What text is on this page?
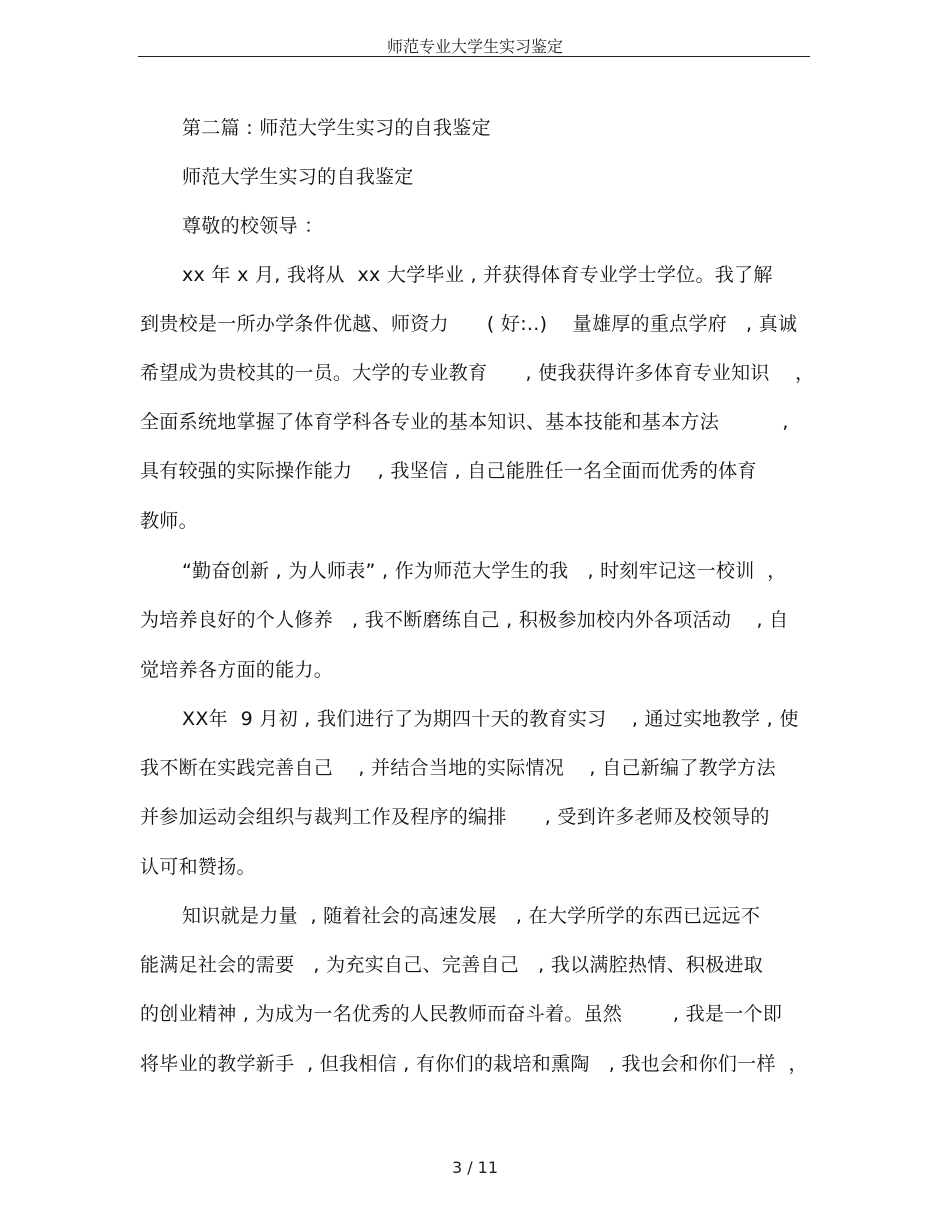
师范专业大学生实习鉴定
第二篇 : 师范大学生实习的自我鉴定
师范大学生实习的自我鉴定
尊敬的校领导 ：
xx 年 x 月, 我将从  xx 大学毕业 , 并获得体育专业学士学位。我了解
到贵校是一所办学条件优越、师资力      ( 好:..)    量雄厚的重点学府   , 真诚
希望成为贵校其的一员。大学的专业教育      , 使我获得许多体育专业知识    ，
全面系统地掌握了体育学科各专业的基本知识、基本技能和基本方法          ,
具有较强的实际操作能力    , 我坚信 , 自己能胜任一名全面而优秀的体育
教师。
“勤奋创新 , 为人师表” , 作为师范大学生的我   , 时刻牢记这一校训  ，
为培养良好的个人修养   , 我不断磨练自己 , 积极参加校内外各项活动    , 自
觉培养各方面的能力。
XX年  9 月初 , 我们进行了为期四十天的教育实习    , 通过实地教学 , 使
我不断在实践完善自己    , 并结合当地的实际情况    , 自己新编了教学方法
并参加运动会组织与裁判工作及程序的编排      , 受到许多老师及校领导的
认可和赞扬。
知识就是力量  , 随着社会的高速发展   , 在大学所学的东西已远远不
能满足社会的需要   , 为充实自己、完善自己   , 我以满腔热情、积极进取
的创业精神 , 为成为一名优秀的人民教师而奋斗着。虽然        , 我是一个即
将毕业的教学新手  , 但我相信 , 有你们的栽培和熏陶   , 我也会和你们一样  ，
3 / 11
